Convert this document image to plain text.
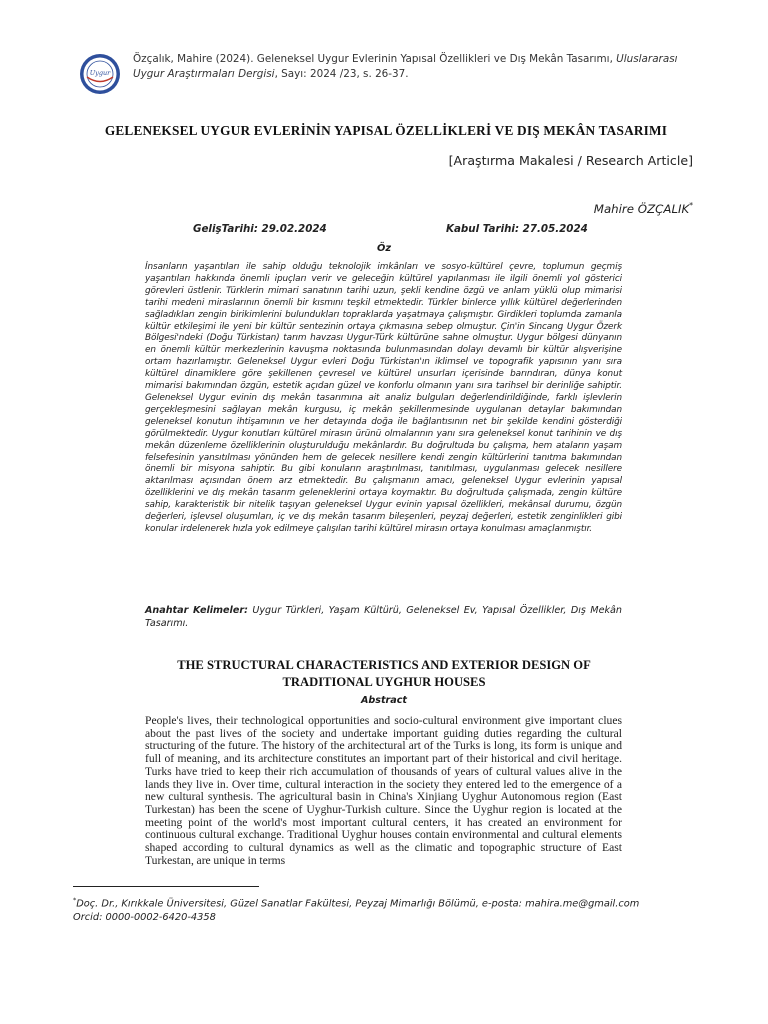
Uygur
Özçalık, Mahire (2024). Geleneksel Uygur Evlerinin Yapısal Özellikleri ve Dış Mekân Tasarımı, Uluslararası Uygur Araştırmaları Dergisi, Sayı: 2024 /23, s. 26-37.
GELENEKSEL UYGUR EVLERİNİN YAPISAL ÖZELLİKLERİ VE DIŞ MEKÂN TASARIMI
[Araştırma Makalesi / Research Article]
Mahire ÖZÇALIK*
GelişTarihi: 29.02.2024	Kabul Tarihi: 27.05.2024
Öz

İnsanların yaşantıları ile sahip olduğu teknolojik imkânları ve sosyo-kültürel çevre, toplumun geçmiş yaşantıları hakkında önemli ipuçları verir ve geleceğin kültürel yapılanması ile ilgili önemli yol gösterici görevleri üstlenir. Türklerin mimari sanatının tarihi uzun, şekli kendine özgü ve anlam yüklü olup mimarisi tarihi medeni miraslarının önemli bir kısmını teşkil etmektedir. Türkler binlerce yıllık kültürel değerlerinden sağladıkları zengin birikimlerini bulundukları topraklarda yaşatmaya çalışmıştır. Girdikleri toplumda zamanla kültür etkileşimi ile yeni bir kültür sentezinin ortaya çıkmasına sebep olmuştur. Çin'in Sincang Uygur Özerk Bölgesi'ndeki (Doğu Türkistan) tarım havzası Uygur-Türk kültürüne sahne olmuştur. Uygur bölgesi dünyanın en önemli kültür merkezlerinin kavuşma noktasında bulunmasından dolayı devamlı bir kültür alışverişine ortam hazırlamıştır. Geleneksel Uygur evleri Doğu Türkistan'ın iklimsel ve topografik yapısının yanı sıra kültürel dinamiklere göre şekillenen çevresel ve kültürel unsurları içerisinde barındıran, dünya konut mimarisi bakımından özgün, estetik açıdan güzel ve konforlu olmanın yanı sıra tarihsel bir derinliğe sahiptir. Geleneksel Uygur evinin dış mekân tasarımına ait analiz bulguları değerlendirildiğinde, farklı işlevlerin gerçekleşmesini sağlayan mekân kurgusu, iç mekân şekillenmesinde uygulanan detaylar bakımından geleneksel konutun ihtişamının ve her detayında doğa ile bağlantısının net bir şekilde kendini gösterdiği görülmektedir. Uygur konutları kültürel mirasın ürünü olmalarının yanı sıra geleneksel konut tarihinin ve dış mekân düzenleme özelliklerinin oluşturulduğu mekânlardır. Bu doğrultuda bu çalışma, hem ataların yaşam felsefesinin yansıtılması yönünden hem de gelecek nesillere kendi zengin kültürlerini tanıtma bakımından önemli bir misyona sahiptir. Bu gibi konuların araştırılması, tanıtılması, uygulanması gelecek nesillere aktarılması açısından önem arz etmektedir. Bu çalışmanın amacı, geleneksel Uygur evlerinin yapısal özelliklerini ve dış mekân tasarım geleneklerini ortaya koymaktır. Bu doğrultuda çalışmada, zengin kültüre sahip, karakteristik bir nitelik taşıyan geleneksel Uygur evinin yapısal özellikleri, mekânsal durumu, özgün değerleri, işlevsel oluşumları, iç ve dış mekân tasarım bileşenleri, peyzaj değerleri, estetik zenginlikleri gibi konular irdelenerek hızla yok edilmeye çalışılan tarihi kültürel mirasın ortaya konulması amaçlanmıştır.

Anahtar Kelimeler: Uygur Türkleri, Yaşam Kültürü, Geleneksel Ev, Yapısal Özellikler, Dış Mekân Tasarımı.

THE STRUCTURAL CHARACTERISTICS AND EXTERIOR DESIGN OF TRADITIONAL UYGHUR HOUSES
Abstract

People's lives, their technological opportunities and socio-cultural environment give important clues about the past lives of the society and undertake important guiding duties regarding the cultural structuring of the future. The history of the architectural art of the Turks is long, its form is unique and full of meaning, and its architecture constitutes an important part of their historical and civil heritage. Turks have tried to keep their rich accumulation of thousands of years of cultural values alive in the lands they live in. Over time, cultural interaction in the society they entered led to the emergence of a new cultural synthesis. The agricultural basin in China's Xinjiang Uyghur Autonomous region (East Turkestan) has been the scene of Uyghur-Turkish culture. Since the Uyghur region is located at the meeting point of the world's most important cultural centers, it has created an environment for continuous cultural exchange. Traditional Uyghur houses contain environmental and cultural elements shaped according to cultural dynamics as well as the climatic and topographic structure of East Turkestan, are unique in terms

*Doç. Dr., Kırıkkale Üniversitesi, Güzel Sanatlar Fakültesi, Peyzaj Mimarlığı Bölümü, e-posta: mahira.me@gmail.com
Orcid: 0000-0002-6420-4358
